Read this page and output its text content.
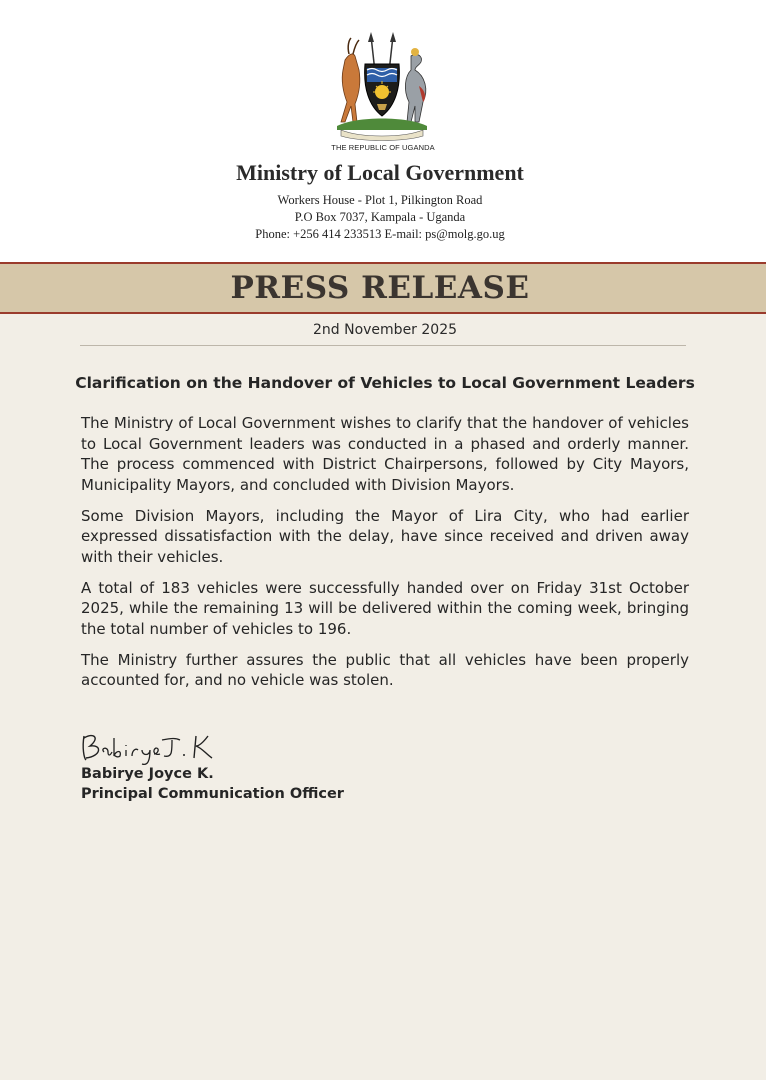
THE REPUBLIC OF UGANDA
Ministry of Local Government
Workers House - Plot 1, Pilkington Road
P.O Box 7037, Kampala - Uganda
Phone: +256 414 233513 E-mail: ps@molg.go.ug
PRESS RELEASE
2nd November 2025
Clarification on the Handover of Vehicles to Local Government Leaders

The Ministry of Local Government wishes to clarify that the handover of vehicles to Local Government leaders was conducted in a phased and orderly manner. The process commenced with District Chairpersons, followed by City Mayors, Municipality Mayors, and concluded with Division Mayors.

Some Division Mayors, including the Mayor of Lira City, who had earlier expressed dissatisfaction with the delay, have since received and driven away with their vehicles.

A total of 183 vehicles were successfully handed over on Friday 31st October 2025, while the remaining 13 will be delivered within the coming week, bringing the total number of vehicles to 196.

The Ministry further assures the public that all vehicles have been properly accounted for, and no vehicle was stolen.

Babirye Joyce K.
Principal Communication Officer
